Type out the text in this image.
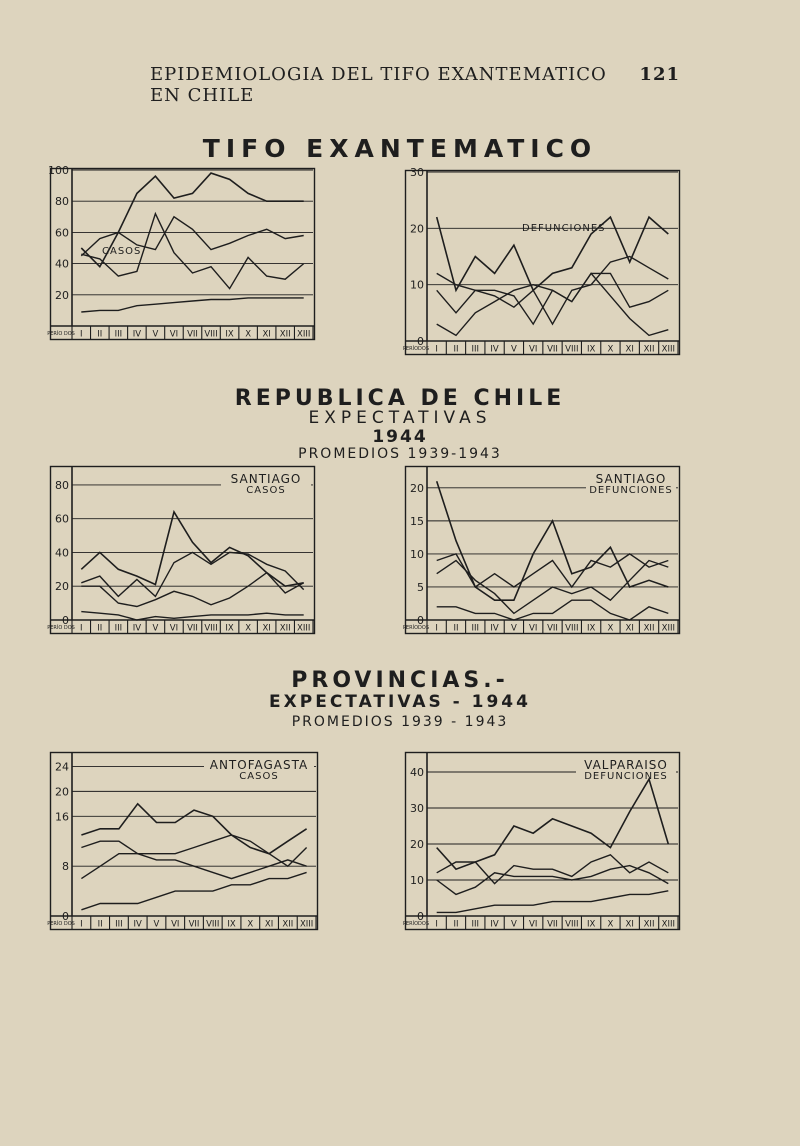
EPIDEMIOLOGIA DEL TIFO EXANTEMATICO EN CHILE
121
TIFO EXANTEMATICO
20
40
60
80
100
I II III IV V VI VII VIII IX X XI XII XIII
PERÍO DOS
CASOS
0
10
20
30
I II III IV V VI VII VIII IX X XI XII XIII
PERÍODOS
DEFUNCIONES
REPUBLICA DE CHILE
EXPECTATIVAS
1944
PROMEDIOS 1939-1943
0
20
40
60
80
I II III IV V VI VII VIII IX X XI XII XIII
PERÍO DOS
SANTIAGO
CASOS
0
5
10
15
20
I II III IV V VI VII VIII IX X XI XII XIII
PERÍODOS
SANTIAGO
DEFUNCIONES
PROVINCIAS.-
EXPECTATIVAS - 1944
PROMEDIOS 1939 - 1943
0
8
16
20
24
I II III IV V VI VII VIII IX X XI XII XIII
PERÍO DOS
ANTOFAGASTA
CASOS
0
10
20
30
40
I II III IV V VI VII VIII IX X XI XII XIII
PERÍODOS
VALPARAISO
DEFUNCIONES
